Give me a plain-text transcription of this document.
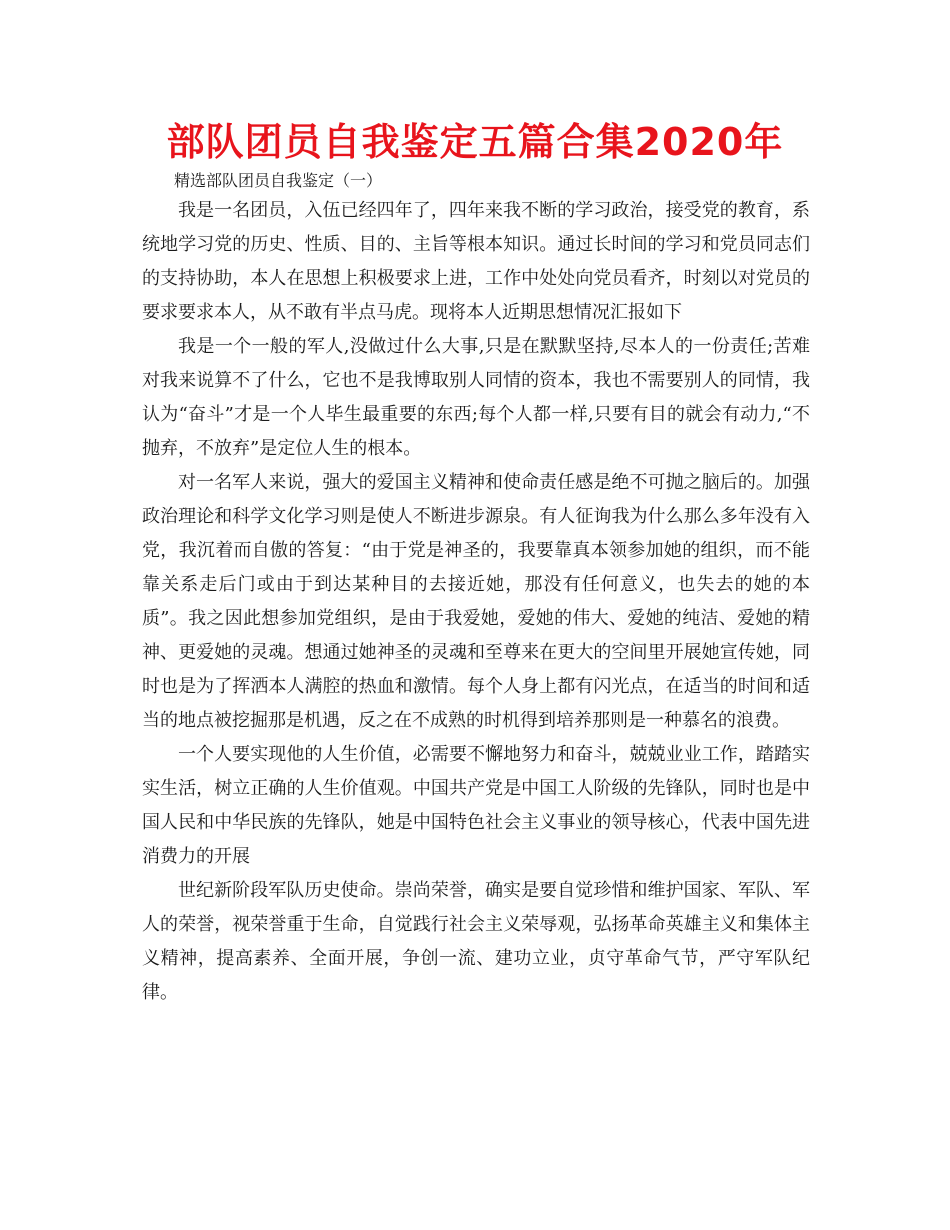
部队团员自我鉴定五篇合集2020年

精选部队团员自我鉴定（一）

我是一名团员，入伍已经四年了，四年来我不断的学习政治，接受党的教育，系统地学习党的历史、性质、目的、主旨等根本知识。通过长时间的学习和党员同志们的支持协助，本人在思想上积极要求上进，工作中处处向党员看齐，时刻以对党员的要求要求本人，从不敢有半点马虎。现将本人近期思想情况汇报如下

我是一个一般的军人,没做过什么大事,只是在默默坚持,尽本人的一份责任;苦难对我来说算不了什么，它也不是我博取别人同情的资本，我也不需要别人的同情，我认为“奋斗”才是一个人毕生最重要的东西;每个人都一样,只要有目的就会有动力,“不抛弃，不放弃”是定位人生的根本。

对一名军人来说，强大的爱国主义精神和使命责任感是绝不可抛之脑后的。加强政治理论和科学文化学习则是使人不断进步源泉。有人征询我为什么那么多年没有入党，我沉着而自傲的答复：“由于党是神圣的，我要靠真本领参加她的组织，而不能靠关系走后门或由于到达某种目的去接近她，那没有任何意义，也失去的她的本质”。我之因此想参加党组织，是由于我爱她，爱她的伟大、爱她的纯洁、爱她的精神、更爱她的灵魂。想通过她神圣的灵魂和至尊来在更大的空间里开展她宣传她，同时也是为了挥洒本人满腔的热血和激情。每个人身上都有闪光点，在适当的时间和适当的地点被挖掘那是机遇，反之在不成熟的时机得到培养那则是一种慕名的浪费。

一个人要实现他的人生价值，必需要不懈地努力和奋斗，兢兢业业工作，踏踏实实生活，树立正确的人生价值观。中国共产党是中国工人阶级的先锋队，同时也是中国人民和中华民族的先锋队，她是中国特色社会主义事业的领导核心，代表中国先进消费力的开展

世纪新阶段军队历史使命。崇尚荣誉，确实是要自觉珍惜和维护国家、军队、军人的荣誉，视荣誉重于生命，自觉践行社会主义荣辱观，弘扬革命英雄主义和集体主义精神，提高素养、全面开展，争创一流、建功立业，贞守革命气节，严守军队纪律。
